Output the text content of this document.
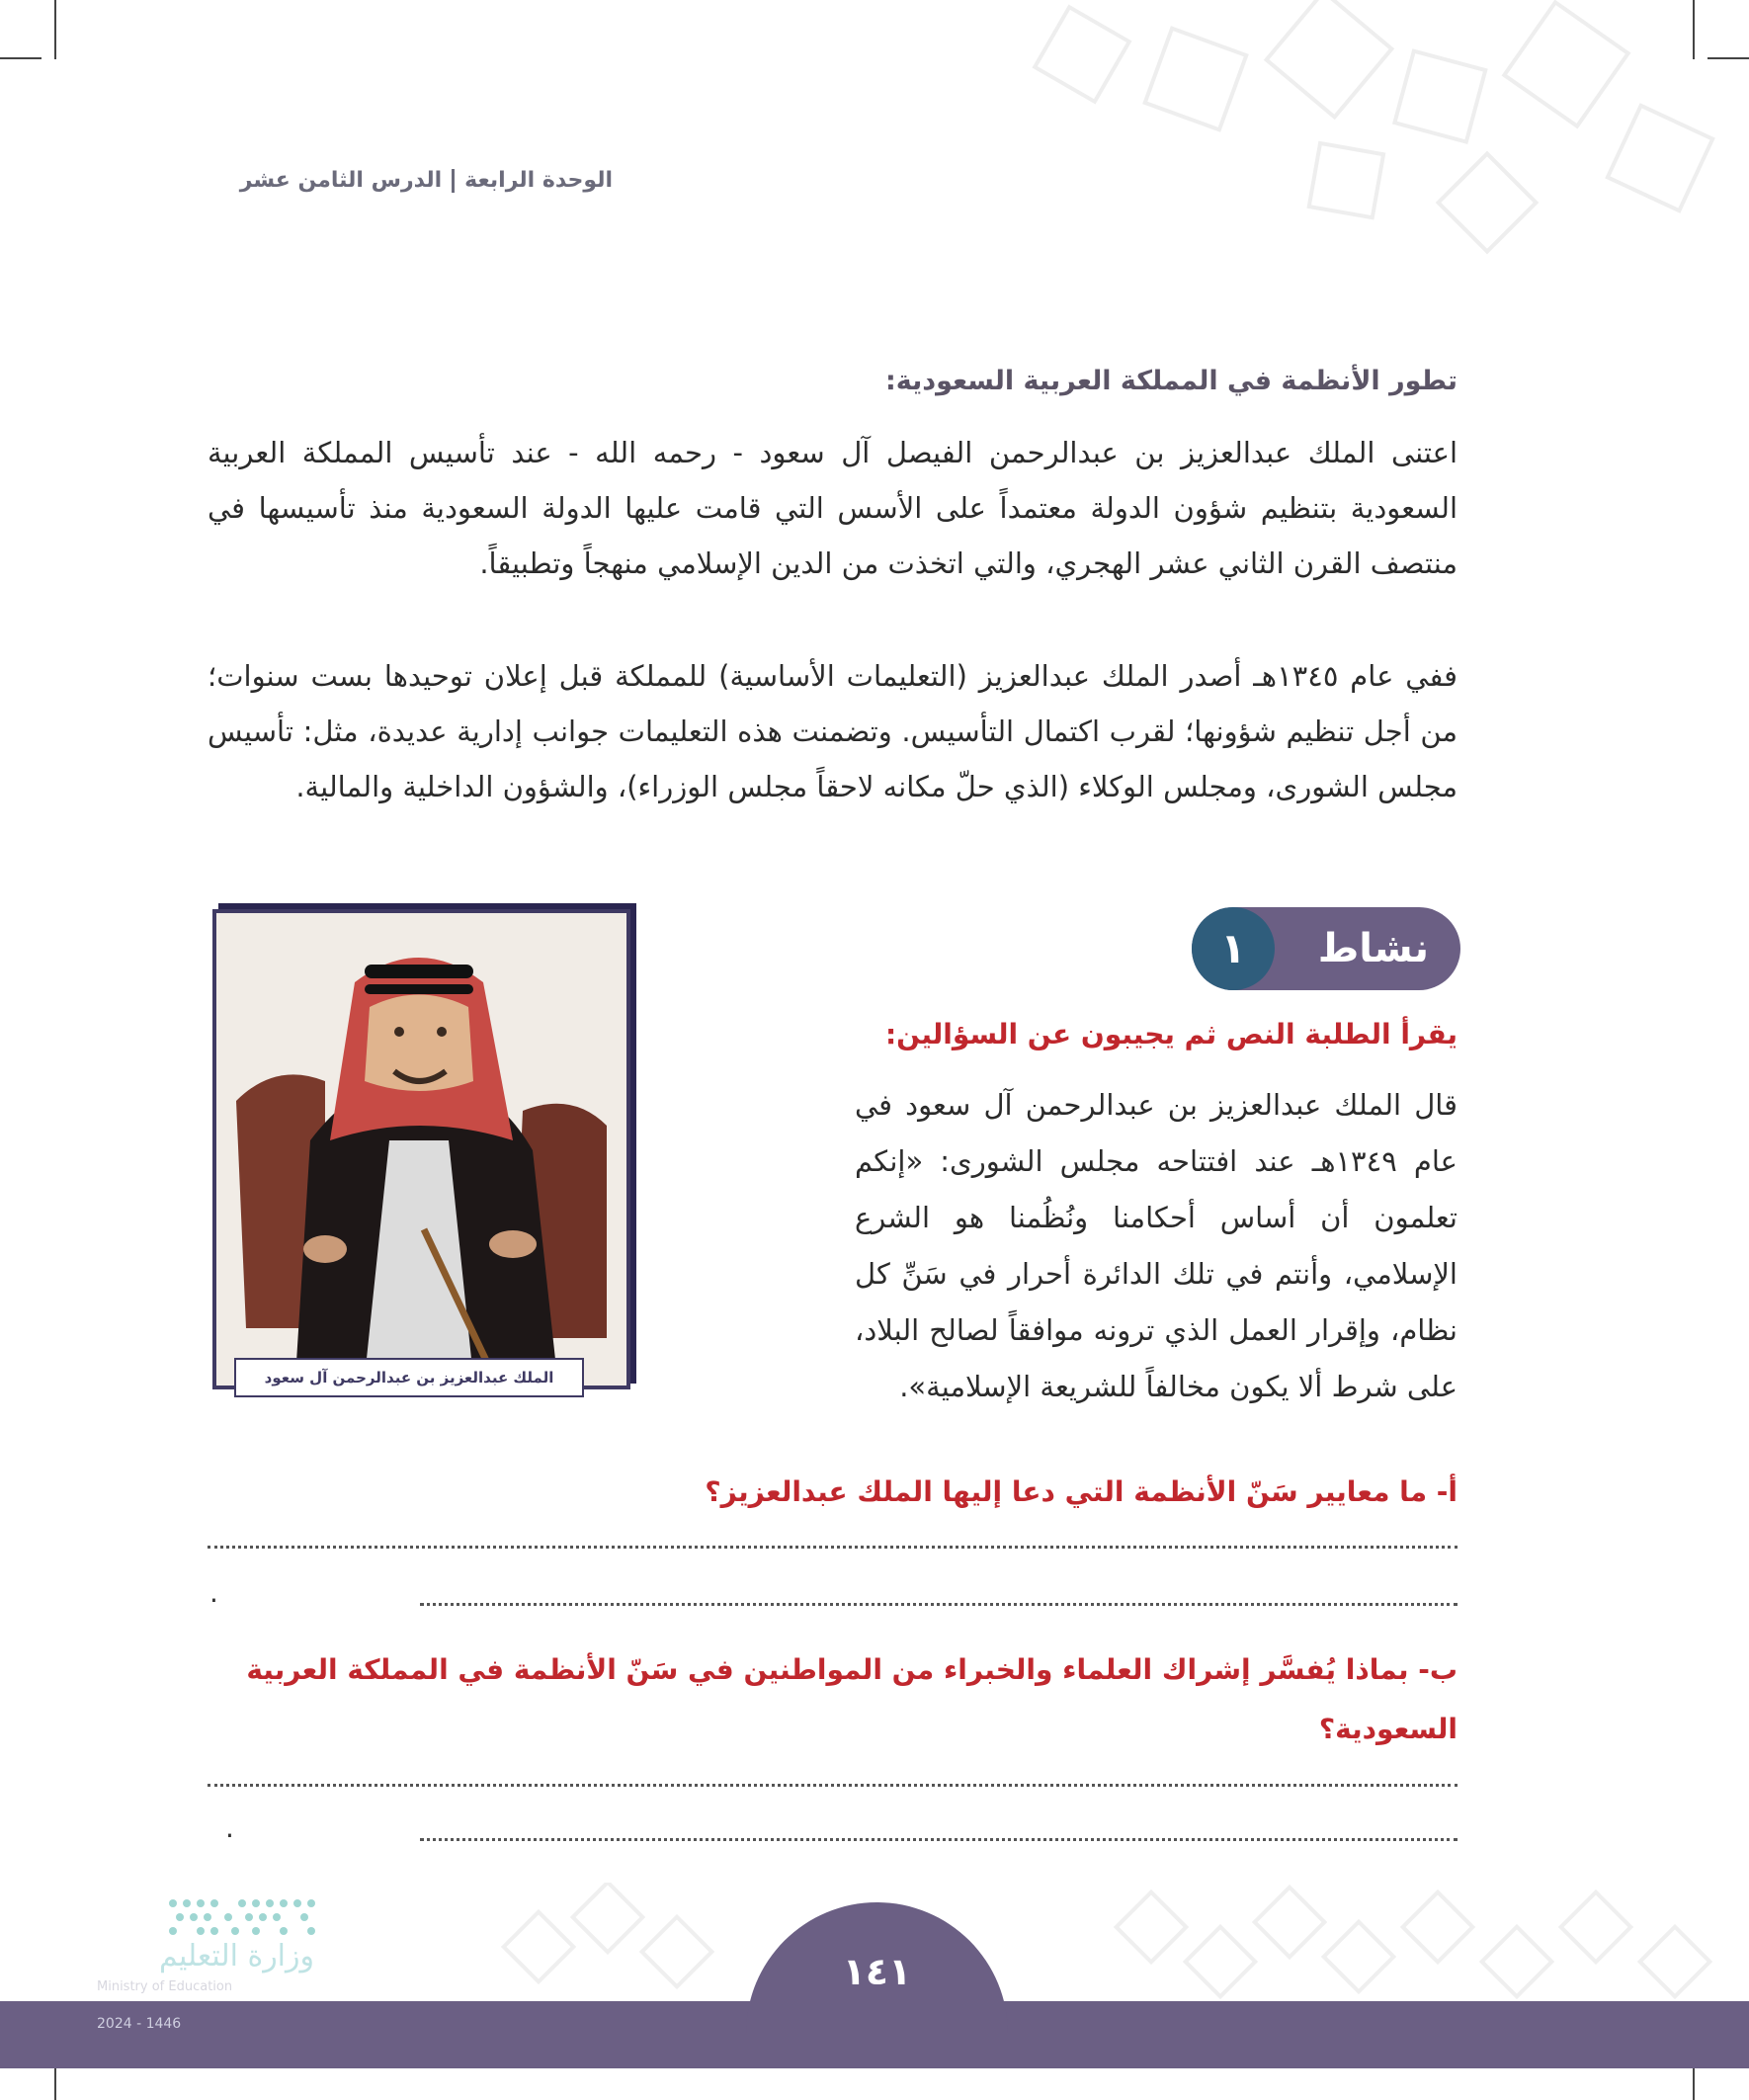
الوحدة الرابعةالدرس الثامن عشر
تطور الأنظمة في المملكة العربية السعودية:
اعتنى الملك عبدالعزيز بن عبدالرحمن الفيصل آل سعود - رحمه الله - عند تأسيس المملكة العربية السعودية بتنظيم شؤون الدولة معتمداً على الأسس التي قامت عليها الدولة السعودية منذ تأسيسها في منتصف القرن الثاني عشر الهجري، والتي اتخذت من الدين الإسلامي منهجاً وتطبيقاً.
ففي عام ١٣٤٥هـ أصدر الملك عبدالعزيز (التعليمات الأساسية) للمملكة قبل إعلان توحيدها بست سنوات؛ من أجل تنظيم شؤونها؛ لقرب اكتمال التأسيس. وتضمنت هذه التعليمات جوانب إدارية عديدة، مثل: تأسيس مجلس الشورى، ومجلس الوكلاء (الذي حلّ مكانه لاحقاً مجلس الوزراء)، والشؤون الداخلية والمالية.
الملك عبدالعزيز بن عبدالرحمن آل سعود
نشاط
١
يقرأ الطلبة النص ثم يجيبون عن السؤالين:
قال الملك عبدالعزيز بن عبدالرحمن آل سعود في عام ١٣٤٩هـ عند افتتاحه مجلس الشورى: «إنكم تعلمون أن أساس أحكامنا ونُظُمنا هو الشرع الإسلامي، وأنتم في تلك الدائرة أحرار في سَنِّ كل نظام، وإقرار العمل الذي ترونه موافقاً لصالح البلاد، على شرط ألا يكون مخالفاً للشريعة الإسلامية».
أ- ما معايير سَنّ الأنظمة التي دعا إليها الملك عبدالعزيز؟
.
ب- بماذا يُفسَّر إشراك العلماء والخبراء من المواطنين في سَنّ الأنظمة في المملكة العربية السعودية؟
.
١٤١
وزارة التعليم
Ministry of Education
2024 - 1446
